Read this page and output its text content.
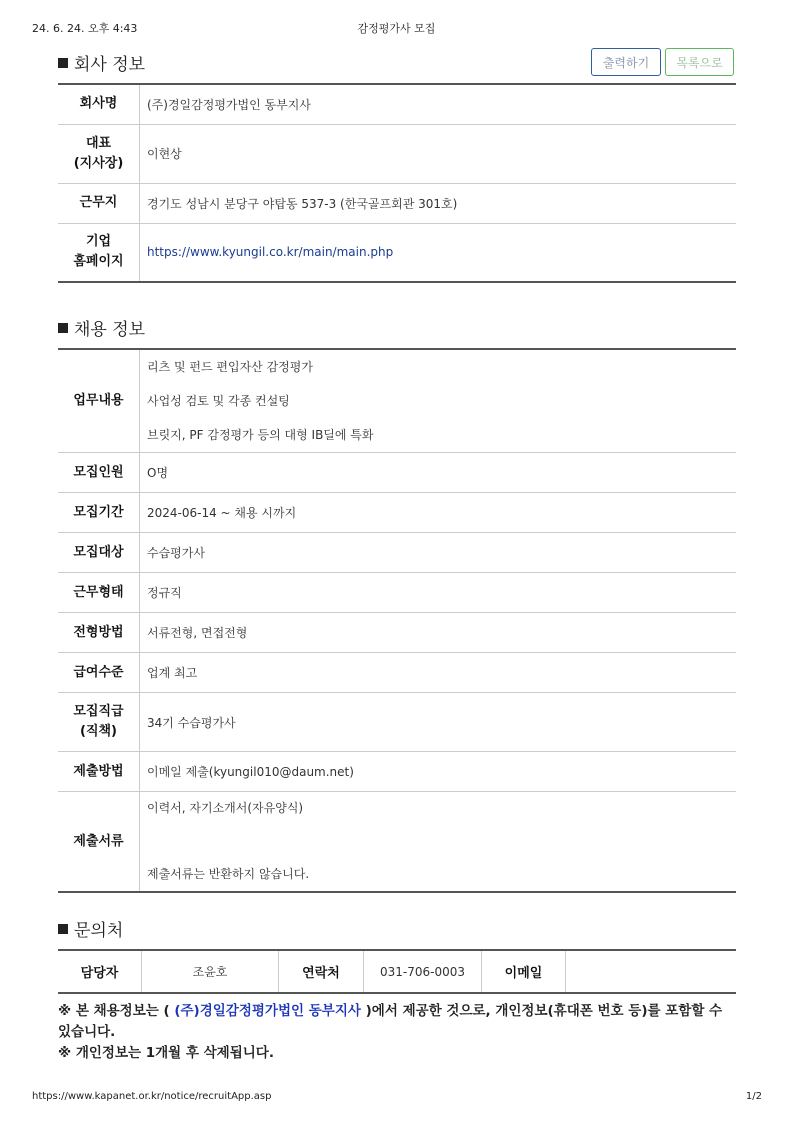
24. 6. 24. 오후 4:43	감정평가사 모집
https://www.kapanet.or.kr/notice/recruitApp.asp	1/2
회사 정보	출력하기	목록으로
회사명	(주)경일감정평가법인 동부지사
대표
(지사장)	이현상
근무지	경기도 성남시 분당구 야탑동 537-3 (한국골프회관 301호)
기업
홈페이지	https://www.kyungil.co.kr/main/main.php
채용 정보
업무내용	리츠 및 펀드 편입자산 감정평가
사업성 검토 및 각종 컨설팅
브릿지, PF 감정평가 등의 대형 IB딜에 특화

모집인원	O명
모집기간	2024-06-14 ~ 채용 시까지
모집대상	수습평가사
근무형태	정규직
전형방법	서류전형, 면접전형
급여수준	업계 최고
모집직급
(직책)	34기 수습평가사
제출방법	이메일 제출(kyungil010@daum.net)
제출서류	이력서, 자기소개서(자유양식)
제출서류는 반환하지 않습니다.
문의처
담당자	조윤호	연락처	031-706-0003	이메일	
※ 본 채용정보는 ( (주)경일감정평가법인 동부지사 )에서 제공한 것으로, 개인정보(휴대폰 번호 등)를 포함할 수 있습니다.
※ 개인정보는 1개월 후 삭제됩니다.
